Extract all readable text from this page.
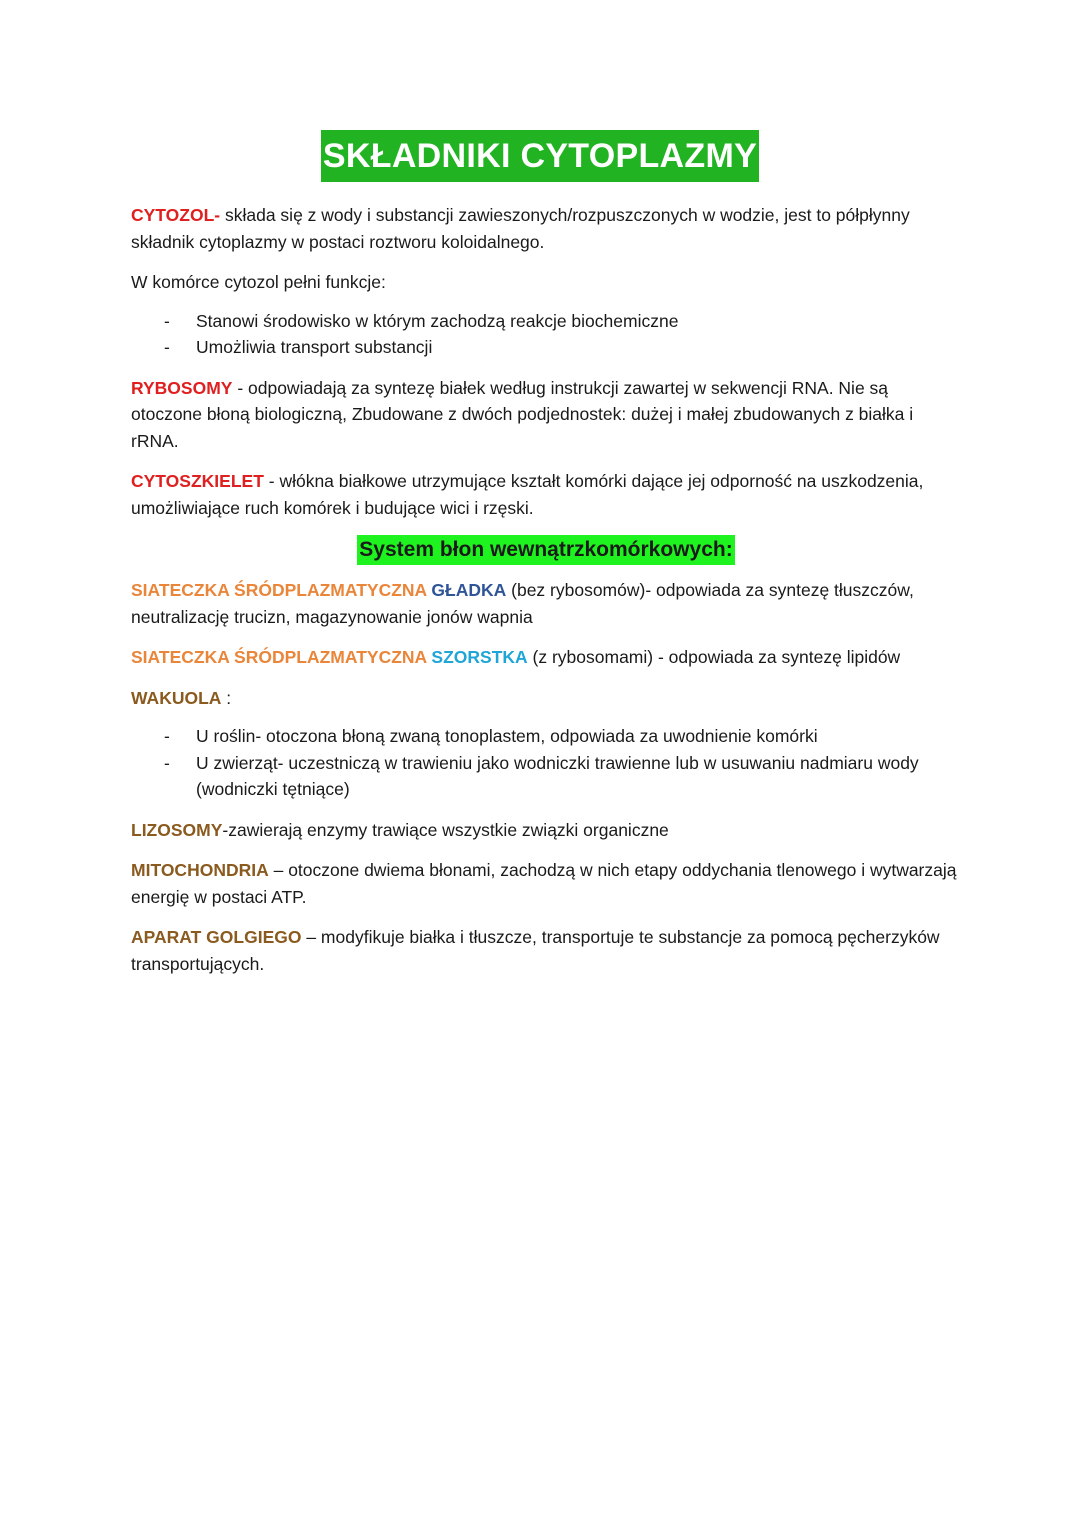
SKŁADNIKI CYTOPLAZMY

CYTOZOL- składa się z wody i substancji zawieszonych/rozpuszczonych w wodzie, jest to półpłynny składnik cytoplazmy w postaci roztworu koloidalnego.

W komórce cytozol pełni funkcje:

- Stanowi środowisko w którym zachodzą reakcje biochemiczne
- Umożliwia transport substancji

RYBOSOMY - odpowiadają za syntezę białek według instrukcji zawartej w sekwencji RNA. Nie są otoczone błoną biologiczną, Zbudowane z dwóch podjednostek: dużej i małej zbudowanych z białka i rRNA.

CYTOSZKIELET - włókna białkowe utrzymujące kształt komórki dające jej odporność na uszkodzenia, umożliwiające ruch komórek i budujące wici i rzęski.

System błon wewnątrzkomórkowych:

SIATECZKA ŚRÓDPLAZMATYCZNA GŁADKA (bez rybosomów)- odpowiada za syntezę tłuszczów, neutralizację trucizn, magazynowanie jonów wapnia

SIATECZKA ŚRÓDPLAZMATYCZNA SZORSTKA (z rybosomami) - odpowiada za syntezę lipidów

WAKUOLA :

- U roślin- otoczona błoną zwaną tonoplastem, odpowiada za uwodnienie komórki
- U zwierząt- uczestniczą w trawieniu jako wodniczki trawienne lub w usuwaniu nadmiaru wody (wodniczki tętniące)

LIZOSOMY-zawierają enzymy trawiące wszystkie związki organiczne

MITOCHONDRIA – otoczone dwiema błonami, zachodzą w nich etapy oddychania tlenowego i wytwarzają energię w postaci ATP.

APARAT GOLGIEGO – modyfikuje białka i tłuszcze, transportuje te substancje za pomocą pęcherzyków transportujących.
